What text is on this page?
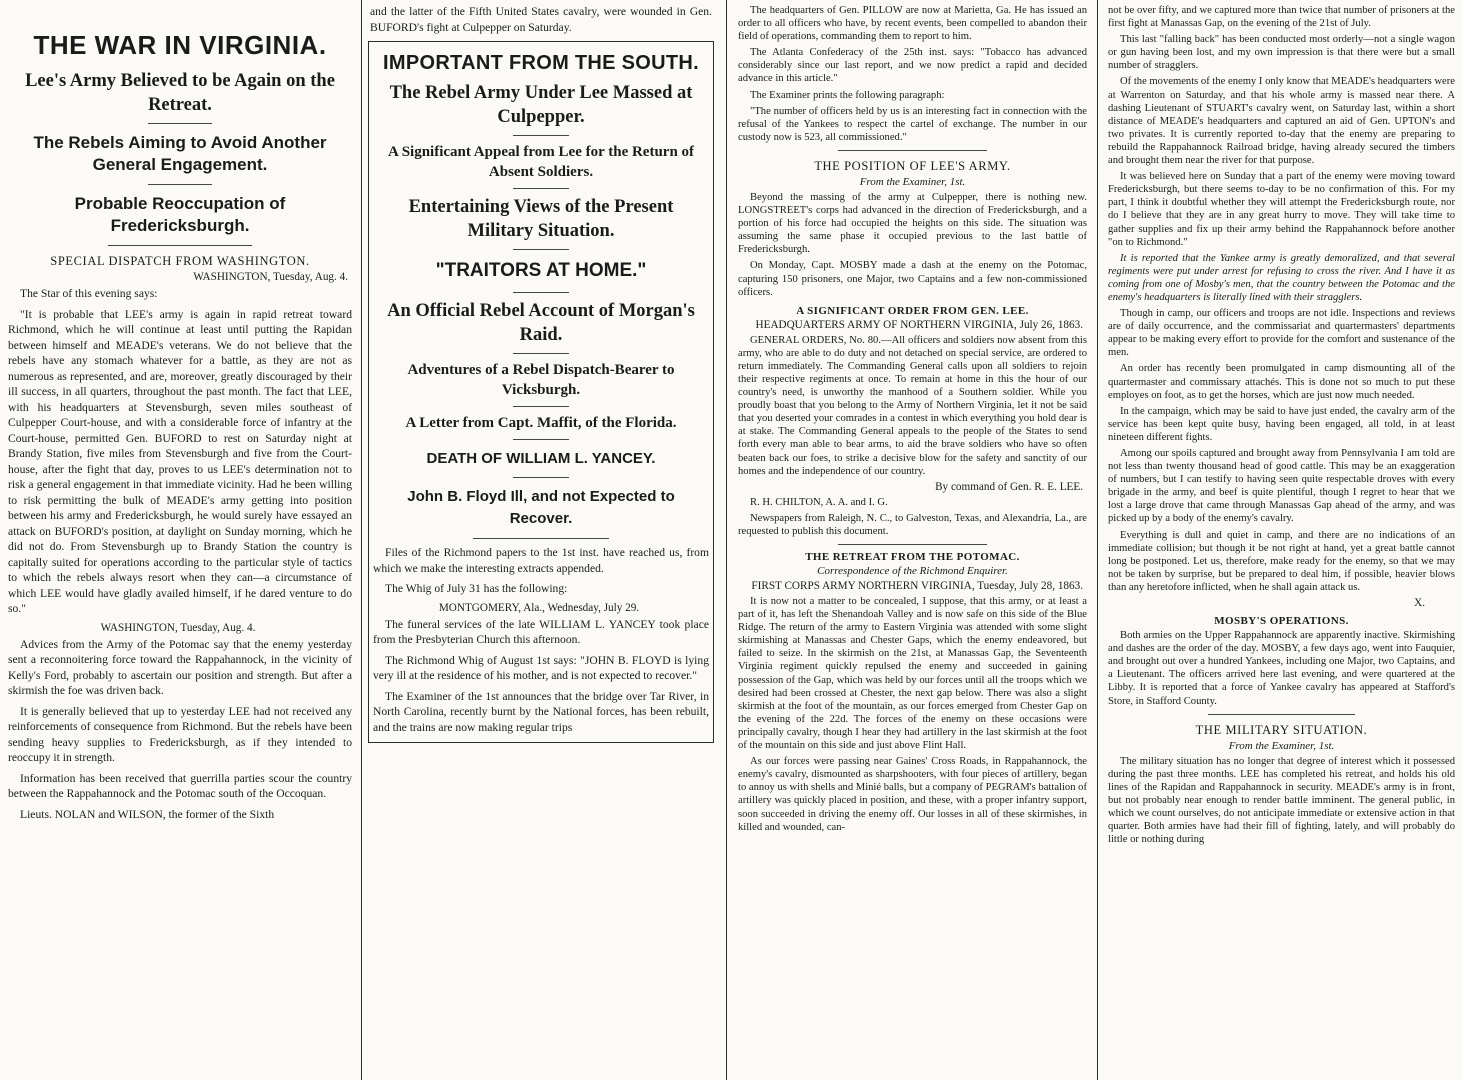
THE WAR IN VIRGINIA.
Lee's Army Believed to be Again on the Retreat.
The Rebels Aiming to Avoid Another General Engagement.
Probable Reoccupation of Fredericksburgh.
SPECIAL DISPATCH FROM WASHINGTON.
WASHINGTON, Tuesday, Aug. 4.

The Star of this evening says:

"It is probable that LEE's army is again in rapid retreat toward Richmond, which he will continue at least until putting the Rapidan between himself and MEADE's veterans. We do not believe that the rebels have any stomach whatever for a battle, as they are not as numerous as represented, and are, moreover, greatly discouraged by their ill success, in all quarters, throughout the past month. The fact that LEE, with his headquarters at Stevensburgh, seven miles southeast of Culpepper Court-house, and with a considerable force of infantry at the Court-house, permitted Gen. BUFORD to rest on Saturday night at Brandy Station, five miles from Stevensburgh and five from the Court-house, after the fight that day, proves to us LEE's determination not to risk a general engagement in that immediate vicinity. Had he been willing to risk permitting the bulk of MEADE's army getting into position between his army and Fredericksburgh, he would surely have essayed an attack on BUFORD's position, at daylight on Sunday morning, which he did not do. From Stevensburgh up to Brandy Station the country is capitally suited for operations according to the particular style of tactics to which the rebels always resort when they can—a circumstance of which LEE would have gladly availed himself, if he dared venture to do so."

WASHINGTON, Tuesday, Aug. 4.

Advices from the Army of the Potomac say that the enemy yesterday sent a reconnoitering force toward the Rappahannock, in the vicinity of Kelly's Ford, probably to ascertain our position and strength. But after a skirmish the foe was driven back.

It is generally believed that up to yesterday LEE had not received any reinforcements of consequence from Richmond. But the rebels have been sending heavy supplies to Fredericksburgh, as if they intended to reoccupy it in strength.

Information has been received that guerrilla parties scour the country between the Rappahannock and the Potomac south of the Occoquan.

Lieuts. NOLAN and WILSON, the former of the Sixth

and the latter of the Fifth United States cavalry, were wounded in Gen. BUFORD's fight at Culpepper on Saturday.

IMPORTANT FROM THE SOUTH.
The Rebel Army Under Lee Massed at Culpepper.
A Significant Appeal from Lee for the Return of Absent Soldiers.
Entertaining Views of the Present Military Situation.
"TRAITORS AT HOME."
An Official Rebel Account of Morgan's Raid.
Adventures of a Rebel Dispatch-Bearer to Vicksburgh.
A Letter from Capt. Maffit, of the Florida.
DEATH OF WILLIAM L. YANCEY.
John B. Floyd Ill, and not Expected to Recover.

Files of the Richmond papers to the 1st inst. have reached us, from which we make the interesting extracts appended.

The Whig of July 31 has the following:

MONTGOMERY, Ala., Wednesday, July 29.

The funeral services of the late WILLIAM L. YANCEY took place from the Presbyterian Church this afternoon.

The Richmond Whig of August 1st says: "JOHN B. FLOYD is lying very ill at the residence of his mother, and is not expected to recover."

The Examiner of the 1st announces that the bridge over Tar River, in North Carolina, recently burnt by the National forces, has been rebuilt, and the trains are now making regular trips

The headquarters of Gen. PILLOW are now at Marietta, Ga. He has issued an order to all officers who have, by recent events, been compelled to abandon their field of operations, commanding them to report to him.

The Atlanta Confederacy of the 25th inst. says: "Tobacco has advanced considerably since our last report, and we now predict a rapid and decided advance in this article."

The Examiner prints the following paragraph:

"The number of officers held by us is an interesting fact in connection with the refusal of the Yankees to respect the cartel of exchange. The number in our custody now is 523, all commissioned."

THE POSITION OF LEE'S ARMY.
From the Examiner, 1st.

Beyond the massing of the army at Culpepper, there is nothing new. LONGSTREET's corps had advanced in the direction of Fredericksburgh, and a portion of his force had occupied the heights on this side. The situation was assuming the same phase it occupied previous to the last battle of Fredericksburgh.

On Monday, Capt. MOSBY made a dash at the enemy on the Potomac, capturing 150 prisoners, one Major, two Captains and a few non-commissioned officers.

A SIGNIFICANT ORDER FROM GEN. LEE.
HEADQUARTERS ARMY OF NORTHERN VIRGINIA, July 26, 1863.

GENERAL ORDERS, No. 80.—All officers and soldiers now absent from this army, who are able to do duty and not detached on special service, are ordered to return immediately. The Commanding General calls upon all soldiers to rejoin their respective regiments at once. To remain at home in this the hour of our country's need, is unworthy the manhood of a Southern soldier. While you proudly boast that you belong to the Army of Northern Virginia, let it not be said that you deserted your comrades in a contest in which everything you hold dear is at stake. The Commanding General appeals to the people of the States to send forth every man able to bear arms, to aid the brave soldiers who have so often beaten back our foes, to strike a decisive blow for the safety and sanctity of our homes and the independence of our country.

By command of Gen. R. E. LEE.

R. H. CHILTON, A. A. and I. G.

Newspapers from Raleigh, N. C., to Galveston, Texas, and Alexandria, La., are requested to publish this document.

THE RETREAT FROM THE POTOMAC.
Correspondence of the Richmond Enquirer.
FIRST CORPS ARMY NORTHERN VIRGINIA, Tuesday, July 28, 1863.

It is now not a matter to be concealed, I suppose, that this army, or at least a part of it, has left the Shenandoah Valley and is now safe on this side of the Blue Ridge. The return of the army to Eastern Virginia was attended with some slight skirmishing at Manassas and Chester Gaps, which the enemy endeavored, but failed to seize. In the skirmish on the 21st, at Manassas Gap, the Seventeenth Virginia regiment quickly repulsed the enemy and succeeded in gaining possession of the Gap, which was held by our forces until all the troops which we desired had been crossed at Chester, the next gap below. There was also a slight skirmish at the foot of the mountain, as our forces emerged from Chester Gap on the evening of the 22d. The forces of the enemy on these occasions were principally cavalry, though I hear they had artillery in the last skirmish at the foot of the mountain on this side and just above Flint Hall.

As our forces were passing near Gaines' Cross Roads, in Rappahannock, the enemy's cavalry, dismounted as sharpshooters, with four pieces of artillery, began to annoy us with shells and Minié balls, but a company of PEGRAM's battalion of artillery was quickly placed in position, and these, with a proper infantry support, soon succeeded in driving the enemy off. Our losses in all of these skirmishes, in killed and wounded, can-

not be over fifty, and we captured more than twice that number of prisoners at the first fight at Manassas Gap, on the evening of the 21st of July.

This last "falling back" has been conducted most orderly—not a single wagon or gun having been lost, and my own impression is that there were but a small number of stragglers.

Of the movements of the enemy I only know that MEADE's headquarters were at Warrenton on Saturday, and that his whole army is massed near there. A dashing Lieutenant of STUART's cavalry went, on Saturday last, within a short distance of MEADE's headquarters and captured an aid of Gen. UPTON's and two privates. It is currently reported to-day that the enemy are preparing to rebuild the Rappahannock Railroad bridge, having already secured the timbers and brought them near the river for that purpose.

It was believed here on Sunday that a part of the enemy were moving toward Fredericksburgh, but there seems to-day to be no confirmation of this. For my part, I think it doubtful whether they will attempt the Fredericksburgh route, nor do I believe that they are in any great hurry to move. They will take time to gather supplies and fix up their army behind the Rappahannock before another "on to Richmond."

It is reported that the Yankee army is greatly demoralized, and that several regiments were put under arrest for refusing to cross the river. And I have it as coming from one of Mosby's men, that the country between the Potomac and the enemy's headquarters is literally lined with their stragglers.

Though in camp, our officers and troops are not idle. Inspections and reviews are of daily occurrence, and the commissariat and quartermasters' departments appear to be making every effort to provide for the comfort and sustenance of the men.

An order has recently been promulgated in camp dismounting all of the quartermaster and commissary attachés. This is done not so much to put these employes on foot, as to get the horses, which are just now much needed.

In the campaign, which may be said to have just ended, the cavalry arm of the service has been kept quite busy, having been engaged, all told, in at least nineteen different fights.

Among our spoils captured and brought away from Pennsylvania I am told are not less than twenty thousand head of good cattle. This may be an exaggeration of numbers, but I can testify to having seen quite respectable droves with every brigade in the army, and beef is quite plentiful, though I regret to hear that we lost a large drove that came through Manassas Gap ahead of the army, and was picked up by a body of the enemy's cavalry.

Everything is dull and quiet in camp, and there are no indications of an immediate collision; but though it be not right at hand, yet a great battle cannot long be postponed. Let us, therefore, make ready for the enemy, so that we may not be taken by surprise, but be prepared to deal him, if possible, heavier blows than any heretofore inflicted, when he shall again attack us.

X.
MOSBY'S OPERATIONS.

Both armies on the Upper Rappahannock are apparently inactive. Skirmishing and dashes are the order of the day. MOSBY, a few days ago, went into Fauquier, and brought out over a hundred Yankees, including one Major, two Captains, and a Lieutenant. The officers arrived here last evening, and were quartered at the Libby. It is reported that a force of Yankee cavalry has appeared at Stafford's Store, in Stafford County.

THE MILITARY SITUATION.
From the Examiner, 1st.

The military situation has no longer that degree of interest which it possessed during the past three months. LEE has completed his retreat, and holds his old lines of the Rapidan and Rappahannock in security. MEADE's army is in front, but not probably near enough to render battle imminent. The general public, in which we count ourselves, do not anticipate immediate or extensive action in that quarter. Both armies have had their fill of fighting, lately, and will probably do little or nothing during
